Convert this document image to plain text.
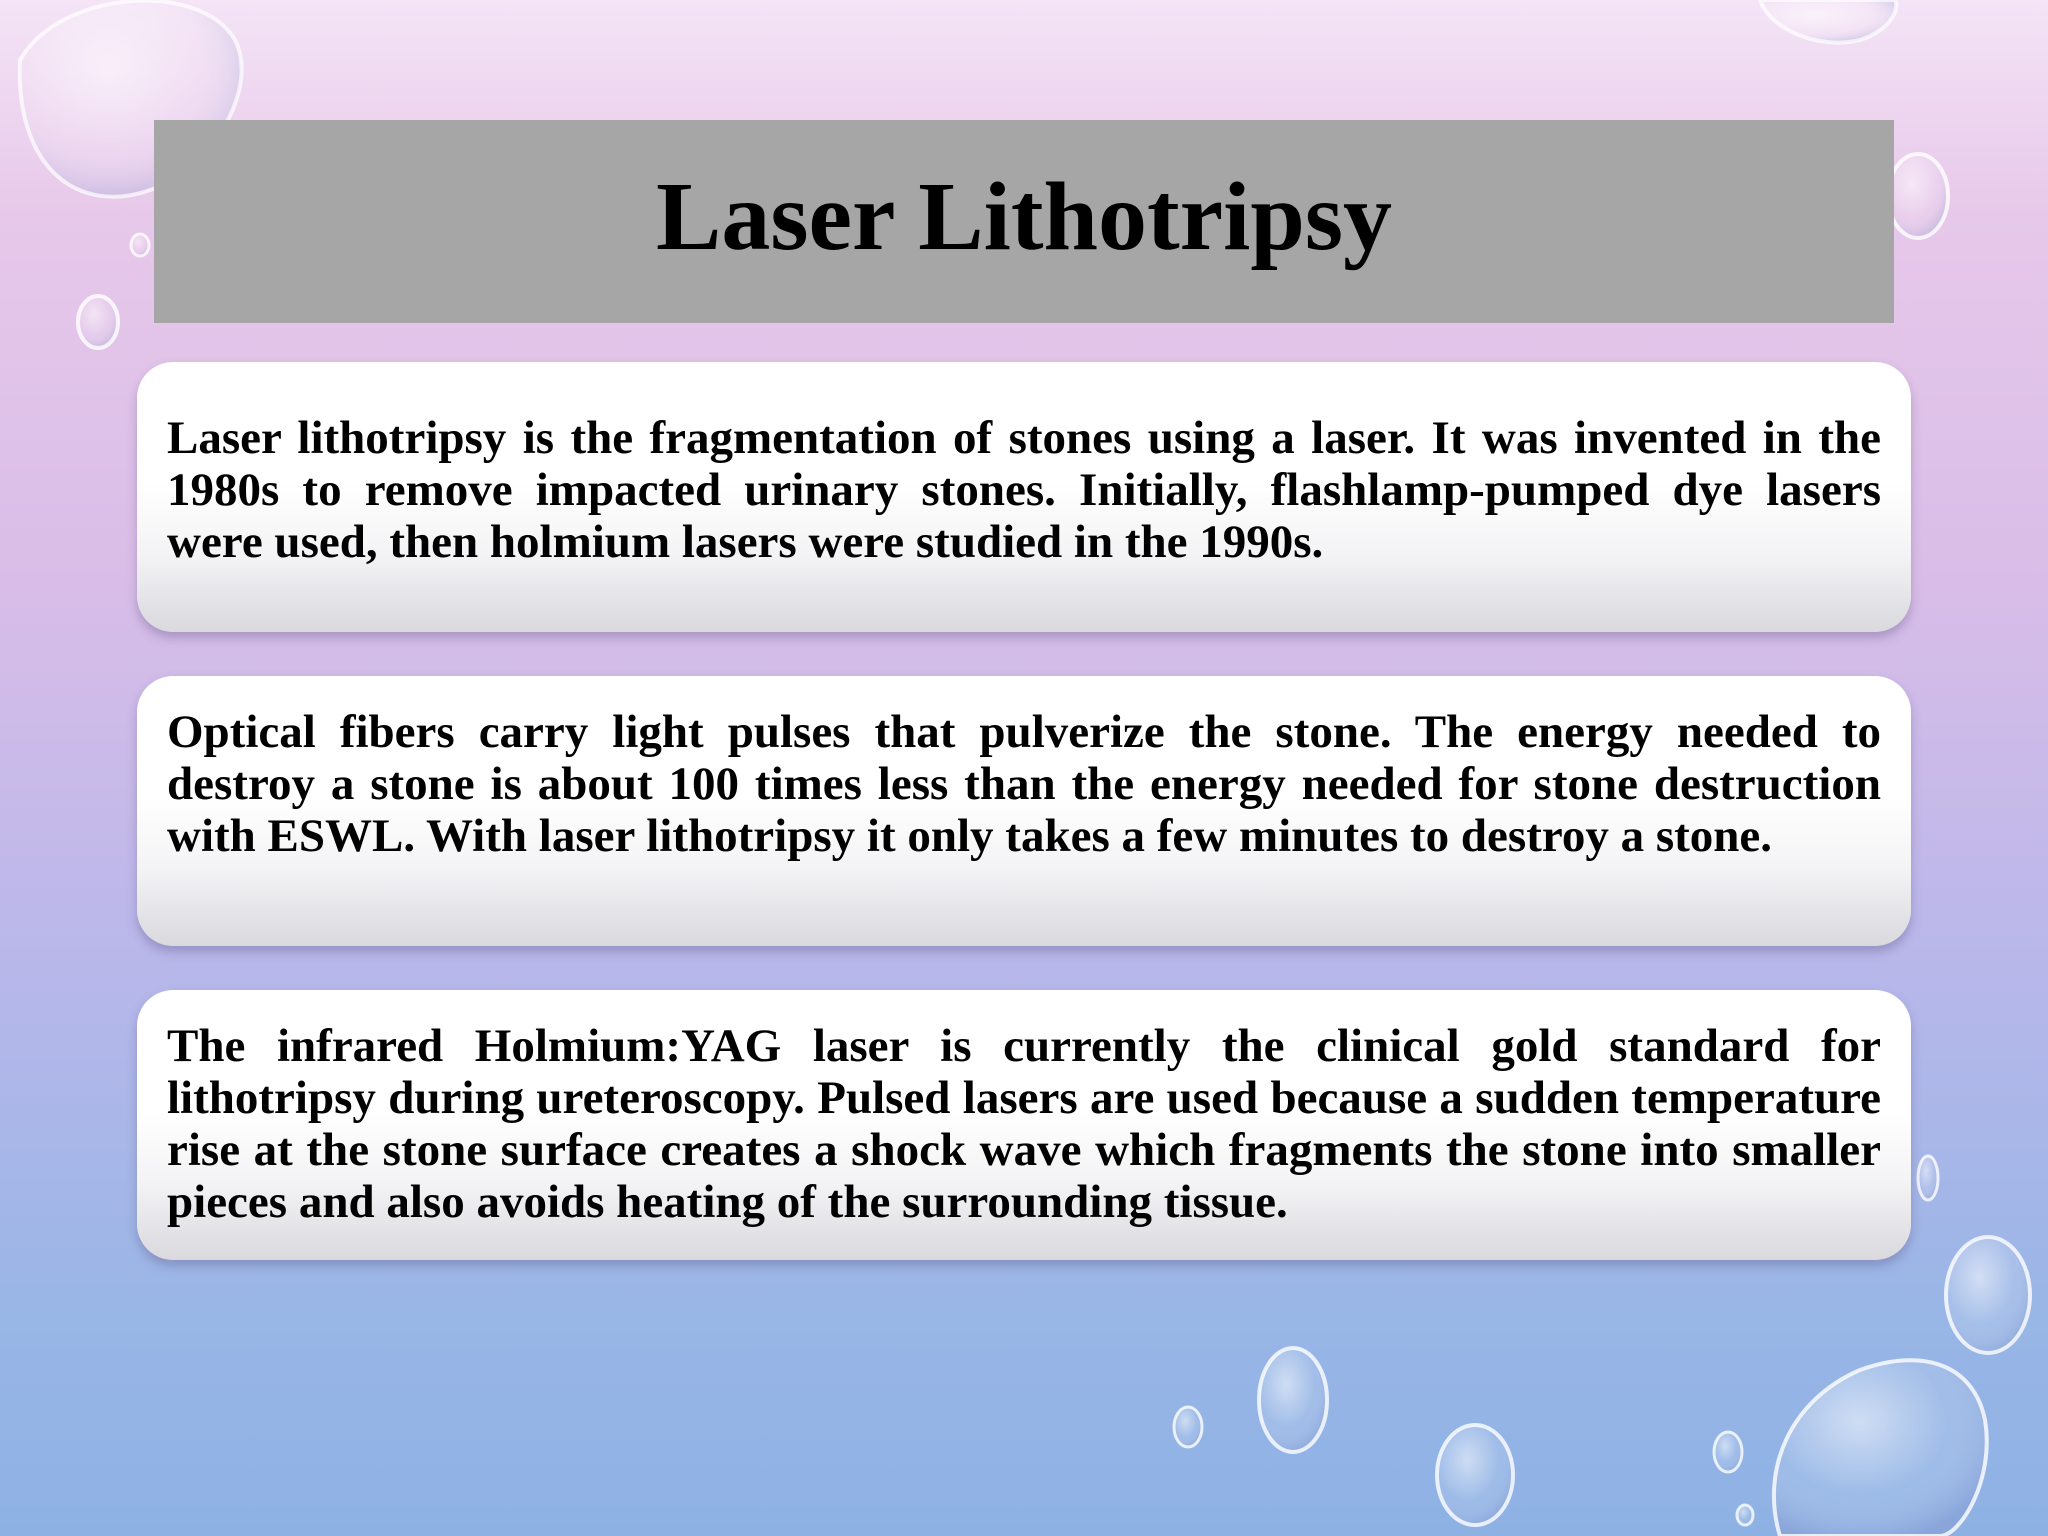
Laser Lithotripsy

Laser lithotripsy is the fragmentation of stones using a laser. It was invented in the 1980s to remove impacted urinary stones. Initially, flashlamp-pumped dye lasers were used, then holmium lasers were studied in the 1990s.

Optical fibers carry light pulses that pulverize the stone. The energy needed to destroy a stone is about 100 times less than the energy needed for stone destruction with ESWL. With laser lithotripsy it only takes a few minutes to destroy a stone.

The infrared Holmium:YAG laser is currently the clinical gold standard for lithotripsy during ureteroscopy. Pulsed lasers are used because a sudden temperature rise at the stone surface creates a shock wave which fragments the stone into smaller pieces and also avoids heating of the surrounding tissue.
